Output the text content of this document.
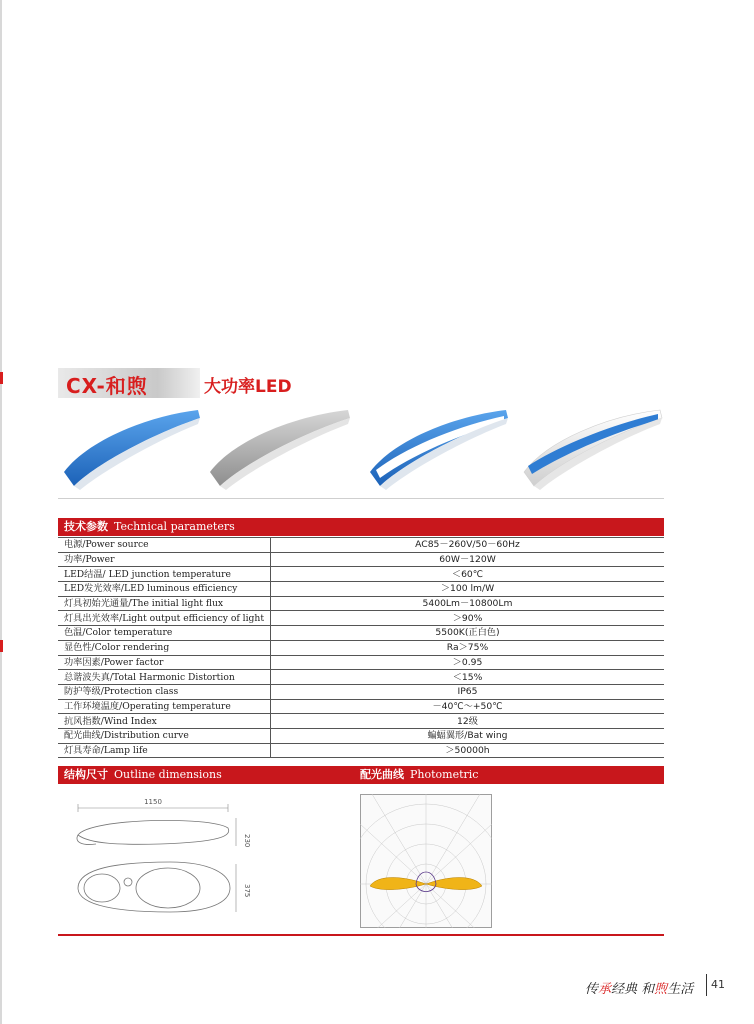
CX-和煦	大功率LED
技术参数 Technical parameters
电源/Power source	AC85－260V/50－60Hz
功率/Power	60W－120W
LED结温/ LED junction temperature	＜60℃
LED发光效率/LED luminous efficiency	＞100 lm/W
灯具初始光通量/The initial light flux	5400Lm－10800Lm
灯具出光效率/Light output efficiency of light	＞90%
色温/Color temperature	5500K(正白色)
显色性/Color rendering	Ra＞75%
功率因素/Power factor	＞0.95
总谐波失真/Total Harmonic Distortion	＜15%
防护等级/Protection class	IP65
工作环境温度/Operating temperature	－40℃～+50℃
抗风指数/Wind Index	12级
配光曲线/Distribution curve	蝙蝠翼形/Bat wing
灯具寿命/Lamp life	＞50000h
结构尺寸 Outline dimensions	配光曲线 Photometric
1150
230
375
传承经典 和煦生活 41
